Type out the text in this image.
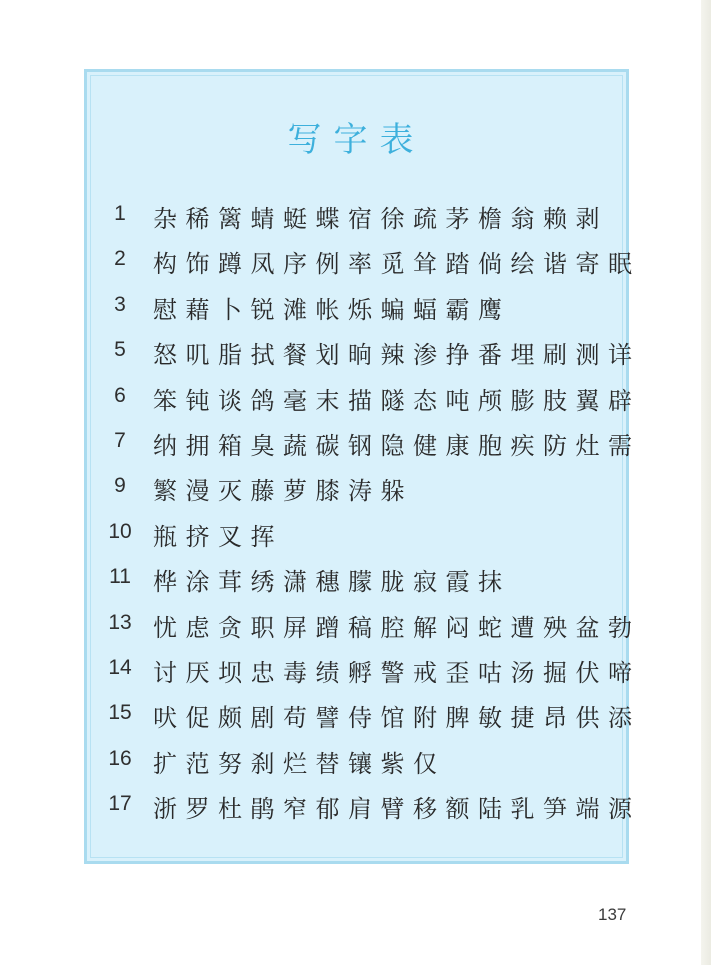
写字表
1	杂稀篱蜻蜓蝶宿徐疏茅檐翁赖剥
2	构饰蹲凤序例率觅耸踏倘绘谐寄眠
3	慰藉卜锐滩帐烁蝙蝠霸鹰
5	怒叽脂拭餐划晌辣渗挣番埋刷测详
6	笨钝谈鸽毫末描隧态吨颅膨肢翼辟
7	纳拥箱臭蔬碳钢隐健康胞疾防灶需
9	繁漫灭藤萝膝涛躲
10 瓶挤叉挥
11 桦涂茸绣潇穗朦胧寂霞抹
13 忧虑贪职屏蹭稿腔解闷蛇遭殃盆勃
14 讨厌坝忠毒绩孵警戒歪咕汤掘伏啼
15 吠促颇剧苟譬侍馆附脾敏捷昂供添
16 扩范努刹烂替镶紫仅
17 浙罗杜鹃窄郁肩臂移额陆乳笋端源
137
